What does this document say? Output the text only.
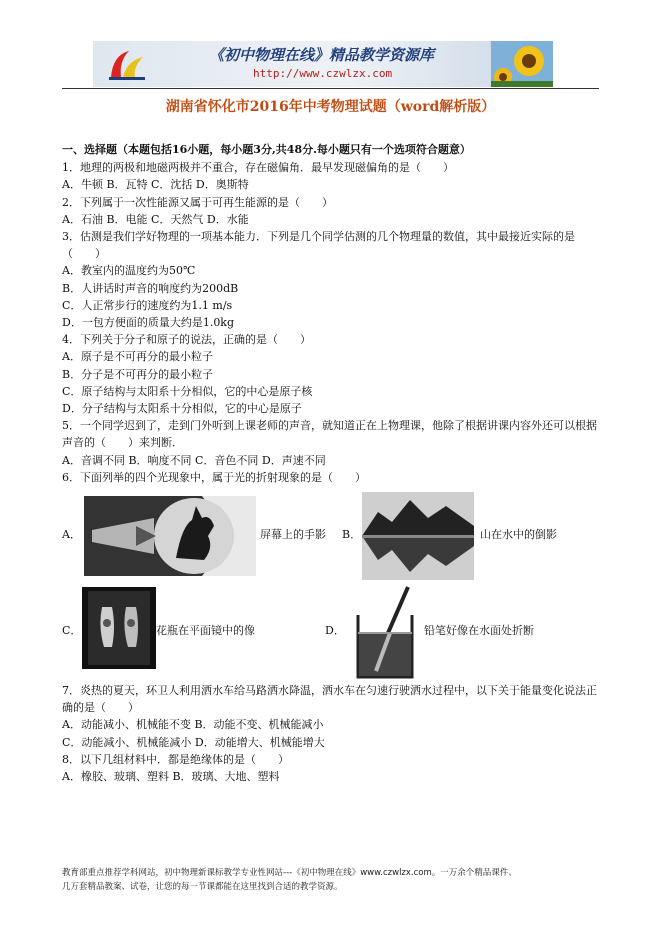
《初中物理在线》精品教学资源库
http://www.czwlzx.com
湖南省怀化市2016年中考物理试题（word解析版）
一、选择题（本题包括16小题，每小题3分,共48分.每小题只有一个选项符合题意）
1．地理的两极和地磁两极并不重合，存在磁偏角．最早发现磁偏角的是（　　）
A．牛顿 B．瓦特 C．沈括 D．奥斯特
2．下列属于一次性能源又属于可再生能源的是（　　）
A．石油 B．电能 C．天然气 D．水能
3．估测是我们学好物理的一项基本能力．下列是几个同学估测的几个物理量的数值，其中最接近实际的是
（　　）
A．教室内的温度约为50℃
B．人讲话时声音的响度约为200dB
C．人正常步行的速度约为1.1 m/s
D．一包方便面的质量大约是1.0kg
4．下列关于分子和原子的说法，正确的是（　　）
A．原子是不可再分的最小粒子
B．分子是不可再分的最小粒子
C．原子结构与太阳系十分相似，它的中心是原子核
D．分子结构与太阳系十分相似，它的中心是原子
5．一个同学迟到了，走到门外听到上课老师的声音，就知道正在上物理课，他除了根据讲课内容外还可以根据声音的（　　）来判断．
A．音调不同 B．响度不同 C．音色不同 D．声速不同
6．下面列举的四个光现象中，属于光的折射现象的是（　　）
A．	屏幕上的手影 B．	山在水中的倒影
C．	花瓶在平面镜中的像	D．	铅笔好像在水面处折断
7．炎热的夏天，环卫人利用洒水车给马路洒水降温，洒水车在匀速行驶洒水过程中，以下关于能量变化说法正确的是（　　）
A．动能减小、机械能不变 B．动能不变、机械能减小
C．动能减小、机械能减小 D．动能增大、机械能增大
8．以下几组材料中．都是绝缘体的是（　　）
A．橡胶、玻璃、塑料 B．玻璃、大地、塑料
教育部重点推荐学科网站，初中物理新课标教学专业性网站---《初中物理在线》www.czwlzx.com。一万余个精品课件、
几万套精品教案、试卷，让您的每一节课都能在这里找到合适的教学资源。
